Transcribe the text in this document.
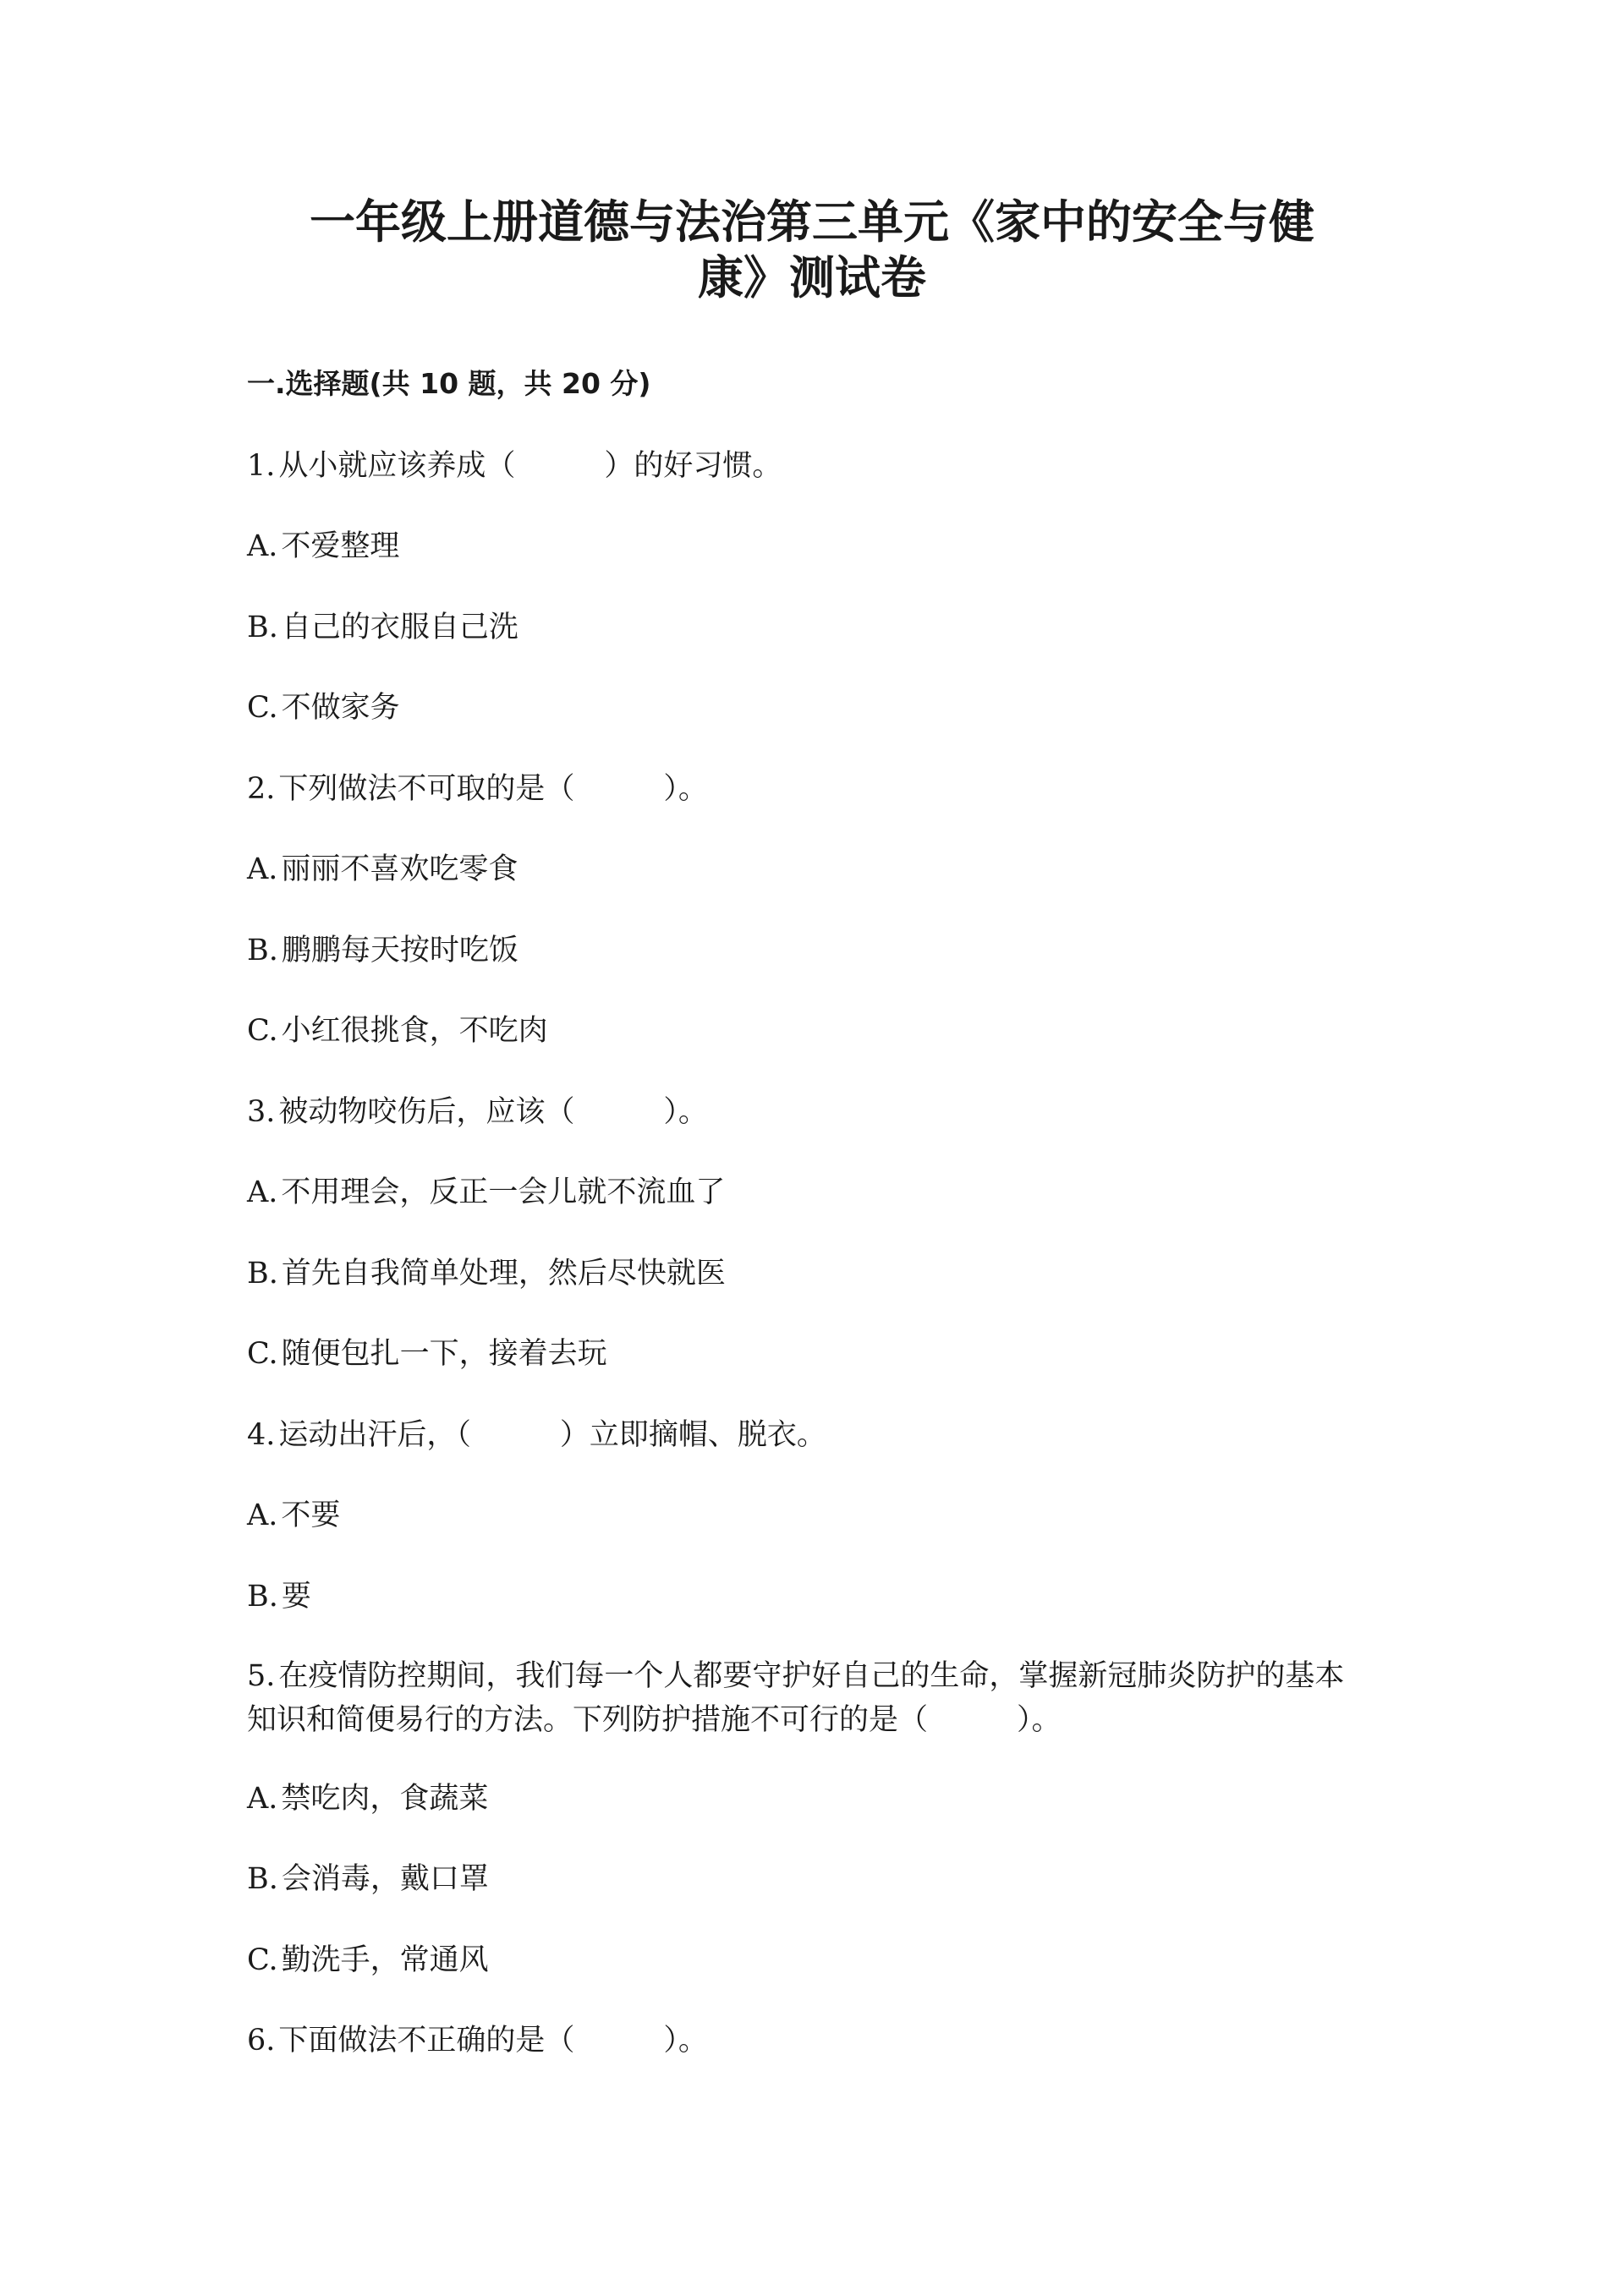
一年级上册道德与法治第三单元《家中的安全与健
康》测试卷
一.选择题(共 10 题，共 20 分)
1. 从小就应该养成（　　　）的好习惯。
A. 不爱整理
B. 自己的衣服自己洗
C. 不做家务
2. 下列做法不可取的是（　　　）。
A. 丽丽不喜欢吃零食
B. 鹏鹏每天按时吃饭
C. 小红很挑食，不吃肉
3. 被动物咬伤后，应该（　　　）。
A. 不用理会，反正一会儿就不流血了
B. 首先自我简单处理，然后尽快就医
C. 随便包扎一下，接着去玩
4. 运动出汗后，（　　　）立即摘帽、脱衣。
A. 不要
B. 要
5. 在疫情防控期间，我们每一个人都要守护好自己的生命，掌握新冠肺炎防护的基本知识和简便易行的方法。下列防护措施不可行的是（　　　）。
A. 禁吃肉，食蔬菜
B. 会消毒，戴口罩
C. 勤洗手，常通风
6. 下面做法不正确的是（　　　）。
